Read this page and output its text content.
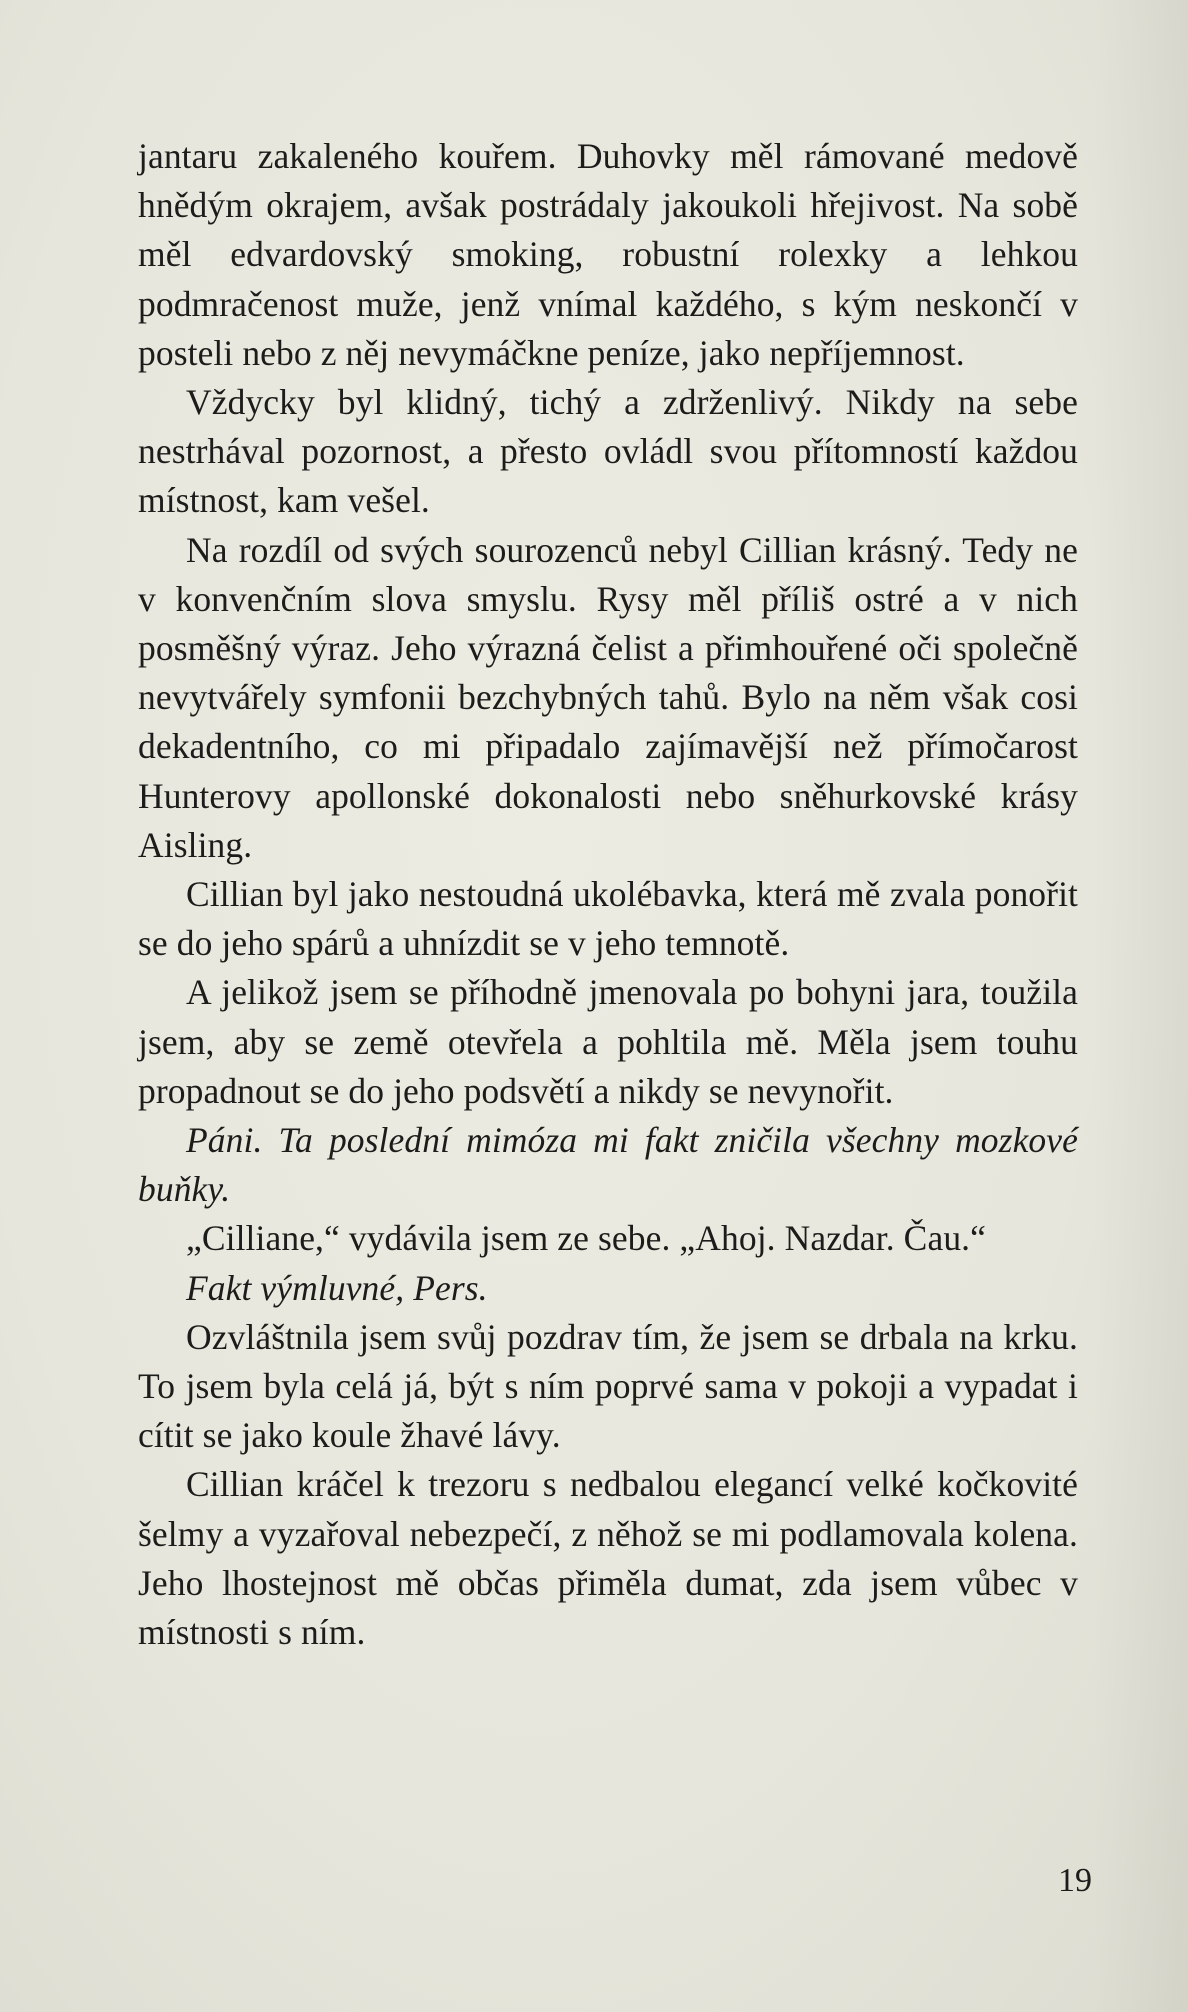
jantaru zakaleného kouřem. Duhovky měl rámované medově hnědým okrajem, avšak postrádaly jakoukoli hřejivost. Na sobě měl edvardovský smoking, robustní rolexky a lehkou podmračenost muže, jenž vnímal každého, s kým neskončí v posteli nebo z něj nevymáčkne peníze, jako nepříjemnost.

Vždycky byl klidný, tichý a zdrženlivý. Nikdy na sebe nestrhával pozornost, a přesto ovládl svou přítomností každou místnost, kam vešel.

Na rozdíl od svých sourozenců nebyl Cillian krásný. Tedy ne v konvenčním slova smyslu. Rysy měl příliš ostré a v nich posměšný výraz. Jeho výrazná čelist a přimhouřené oči společně nevytvářely symfonii bezchybných tahů. Bylo na něm však cosi dekadentního, co mi připadalo zajímavější než přímočarost Hunterovy apollonské dokonalosti nebo sněhurkovské krásy Aisling.

Cillian byl jako nestoudná ukolébavka, která mě zvala ponořit se do jeho spárů a uhnízdit se v jeho temnotě.

A jelikož jsem se příhodně jmenovala po bohyni jara, toužila jsem, aby se země otevřela a pohltila mě. Měla jsem touhu propadnout se do jeho podsvětí a nikdy se nevynořit.

Páni. Ta poslední mimóza mi fakt zničila všechny mozkové buňky.

„Cilliane,“ vydávila jsem ze sebe. „Ahoj. Nazdar. Čau.“

Fakt výmluvné, Pers.

Ozvláštnila jsem svůj pozdrav tím, že jsem se drbala na krku. To jsem byla celá já, být s ním poprvé sama v pokoji a vypadat i cítit se jako koule žhavé lávy.

Cillian kráčel k trezoru s nedbalou elegancí velké kočkovité šelmy a vyzařoval nebezpečí, z něhož se mi podlamovala kolena. Jeho lhostejnost mě občas přiměla dumat, zda jsem vůbec v místnosti s ním.

19
